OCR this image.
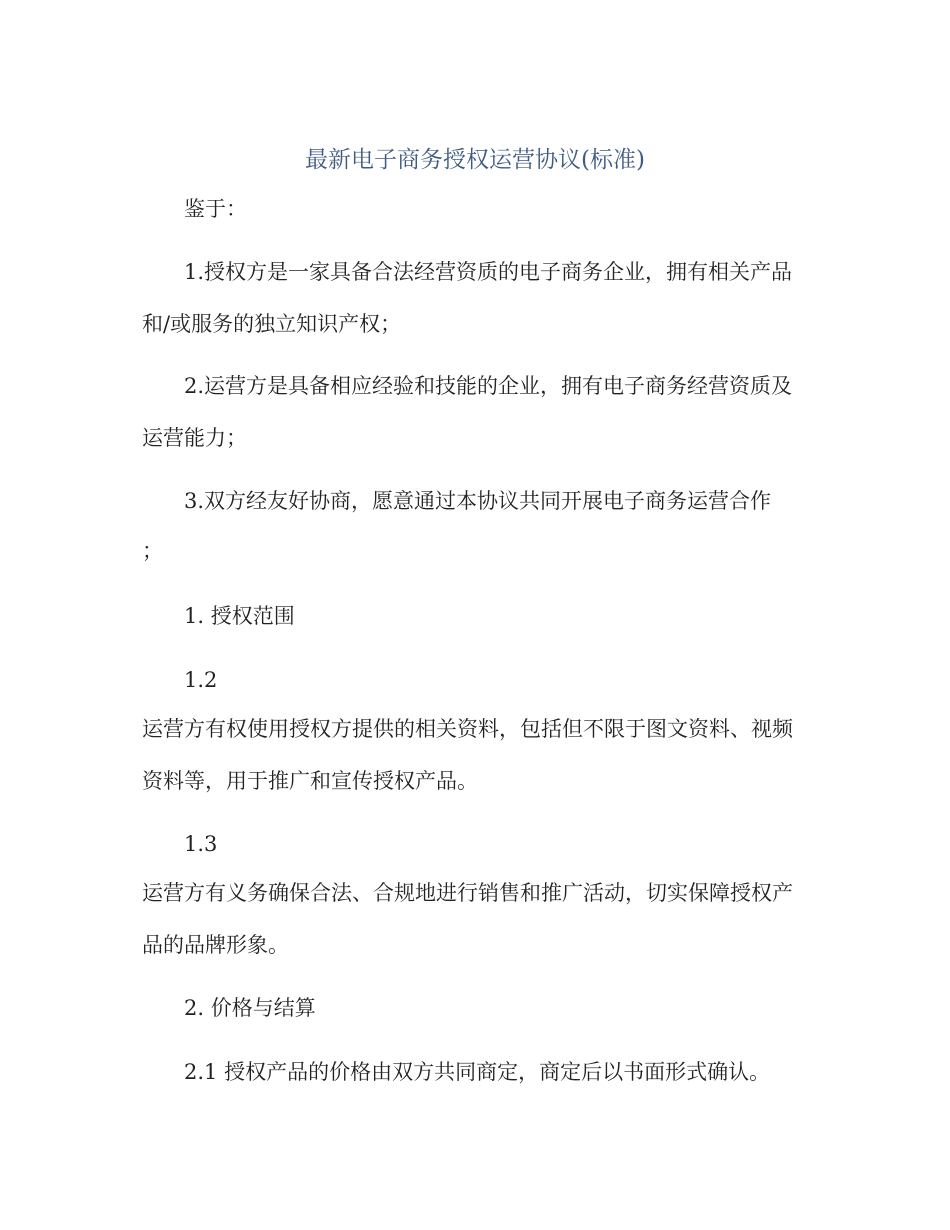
最新电子商务授权运营协议(标准)
鉴于：
1.授权方是一家具备合法经营资质的电子商务企业，拥有相关产品和/或服务的独立知识产权；
2.运营方是具备相应经验和技能的企业，拥有电子商务经营资质及运营能力；
3.双方经友好协商，愿意通过本协议共同开展电子商务运营合作
；
1. 授权范围
1.2
运营方有权使用授权方提供的相关资料，包括但不限于图文资料、视频资料等，用于推广和宣传授权产品。
1.3
运营方有义务确保合法、合规地进行销售和推广活动，切实保障授权产品的品牌形象。
2. 价格与结算
2.1 授权产品的价格由双方共同商定，商定后以书面形式确认。
